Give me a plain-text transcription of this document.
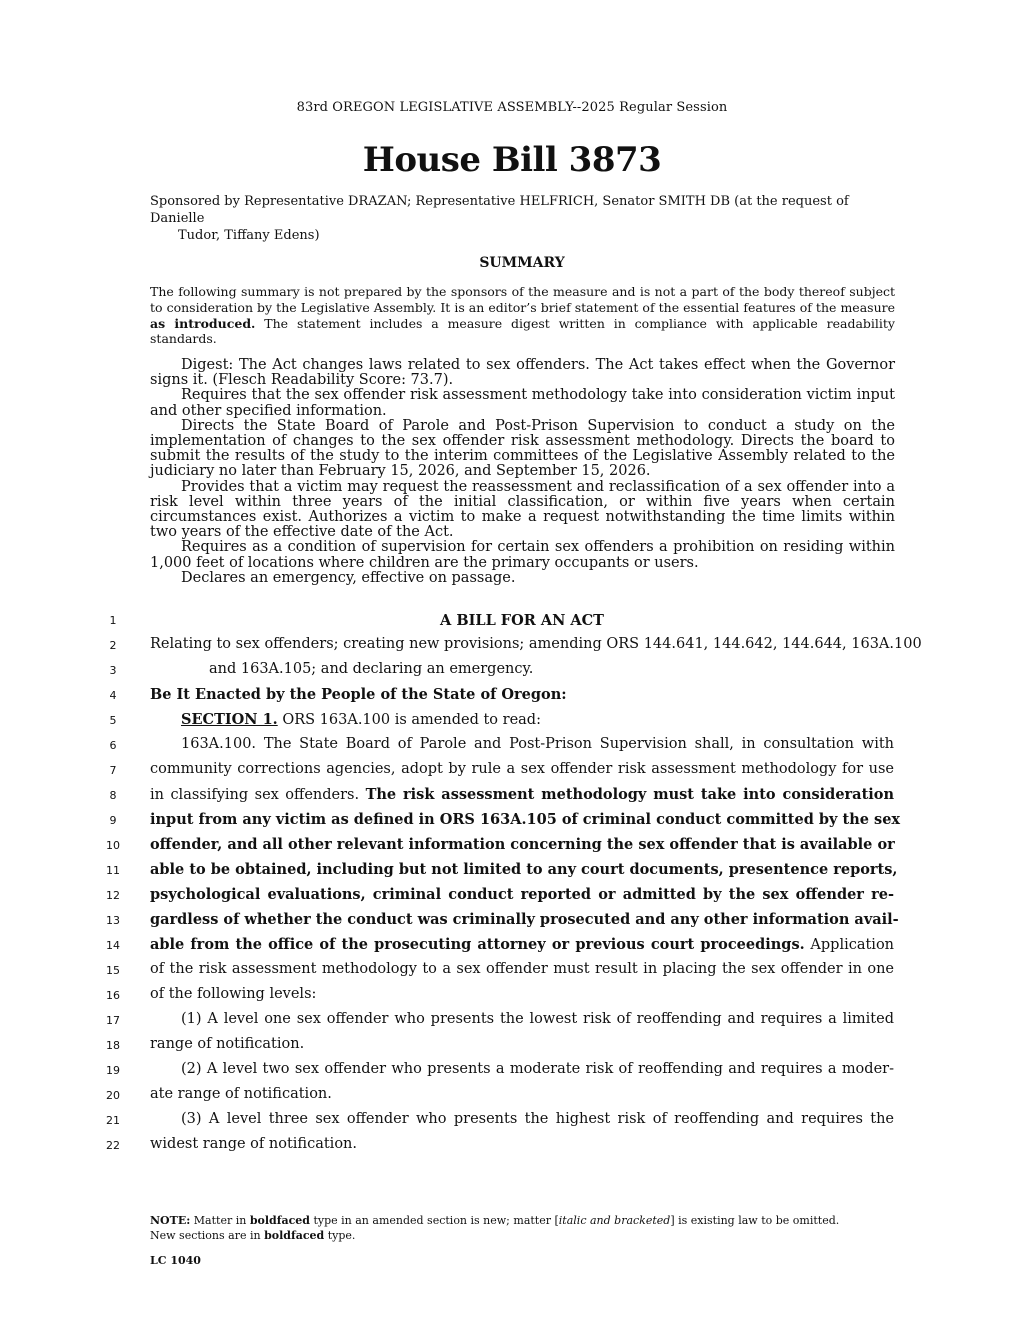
83rd OREGON LEGISLATIVE ASSEMBLY--2025 Regular Session
House Bill 3873
Sponsored by Representative DRAZAN; Representative HELFRICH, Senator SMITH DB (at the request of Danielle
Tudor, Tiffany Edens)
SUMMARY
The following summary is not prepared by the sponsors of the measure and is not a part of the body thereof subject to consideration by the Legislative Assembly. It is an editor’s brief statement of the essential features of the measure as introduced. The statement includes a measure digest written in compliance with applicable readability standards.

Digest: The Act changes laws related to sex offenders. The Act takes effect when the Governor signs it. (Flesch Readability Score: 73.7).

Requires that the sex offender risk assessment methodology take into consideration victim input and other specified information.

Directs the State Board of Parole and Post-Prison Supervision to conduct a study on the implementation of changes to the sex offender risk assessment methodology. Directs the board to submit the results of the study to the interim committees of the Legislative Assembly related to the judiciary no later than February 15, 2026, and September 15, 2026.

Provides that a victim may request the reassessment and reclassification of a sex offender into a risk level within three years of the initial classification, or within five years when certain circumstances exist. Authorizes a victim to make a request notwithstanding the time limits within two years of the effective date of the Act.

Requires as a condition of supervision for certain sex offenders a prohibition on residing within 1,000 feet of locations where children are the primary occupants or users.

Declares an emergency, effective on passage.

A BILL FOR AN ACT
1
2
3
4
5
6
7
8
9
10
11
12
13
14
15
16
17
18
19
20
21
22
Relating to sex offenders; creating new provisions; amending ORS 144.641, 144.642, 144.644, 163A.100
and 163A.105; and declaring an emergency.
Be It Enacted by the People of the State of Oregon:
SECTION 1. ORS 163A.100 is amended to read:
163A.100. The State Board of Parole and Post-Prison Supervision shall, in consultation with
community corrections agencies, adopt by rule a sex offender risk assessment methodology for use
in classifying sex offenders. The risk assessment methodology must take into consideration
input from any victim as defined in ORS 163A.105 of criminal conduct committed by the sex
offender, and all other relevant information concerning the sex offender that is available or
able to be obtained, including but not limited to any court documents, presentence reports,
psychological evaluations, criminal conduct reported or admitted by the sex offender re-
gardless of whether the conduct was criminally prosecuted and any other information avail-
able from the office of the prosecuting attorney or previous court proceedings. Application
of the risk assessment methodology to a sex offender must result in placing the sex offender in one
of the following levels:
(1) A level one sex offender who presents the lowest risk of reoffending and requires a limited
range of notification.
(2) A level two sex offender who presents a moderate risk of reoffending and requires a moder-
ate range of notification.
(3) A level three sex offender who presents the highest risk of reoffending and requires the
widest range of notification.
NOTE: Matter in boldfaced type in an amended section is new; matter [italic and bracketed] is existing law to be omitted.
New sections are in boldfaced type.
LC 1040
